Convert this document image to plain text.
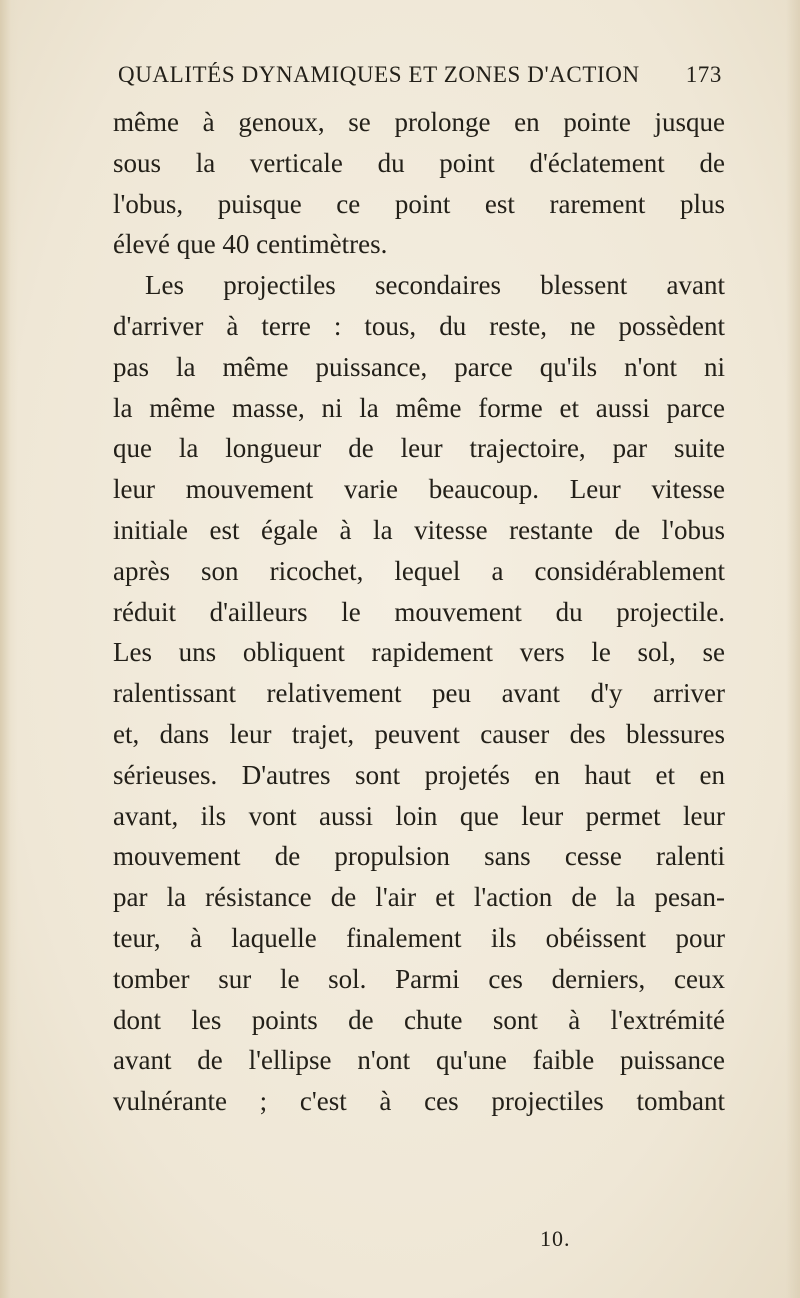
QUALITÉS DYNAMIQUES ET ZONES D'ACTION 173
même à genoux, se prolonge en pointe jusque
sous la verticale du point d'éclatement de
l'obus, puisque ce point est rarement plus
élevé que 40 centimètres.
Les projectiles secondaires blessent avant
d'arriver à terre : tous, du reste, ne possèdent
pas la même puissance, parce qu'ils n'ont ni
la même masse, ni la même forme et aussi parce
que la longueur de leur trajectoire, par suite
leur mouvement varie beaucoup. Leur vitesse
initiale est égale à la vitesse restante de l'obus
après son ricochet, lequel a considérablement
réduit d'ailleurs le mouvement du projectile.
Les uns obliquent rapidement vers le sol, se
ralentissant relativement peu avant d'y arriver
et, dans leur trajet, peuvent causer des blessures
sérieuses. D'autres sont projetés en haut et en
avant, ils vont aussi loin que leur permet leur
mouvement de propulsion sans cesse ralenti
par la résistance de l'air et l'action de la pesan-
teur, à laquelle finalement ils obéissent pour
tomber sur le sol. Parmi ces derniers, ceux
dont les points de chute sont à l'extrémité
avant de l'ellipse n'ont qu'une faible puissance
vulnérante ; c'est à ces projectiles tombant
10.
